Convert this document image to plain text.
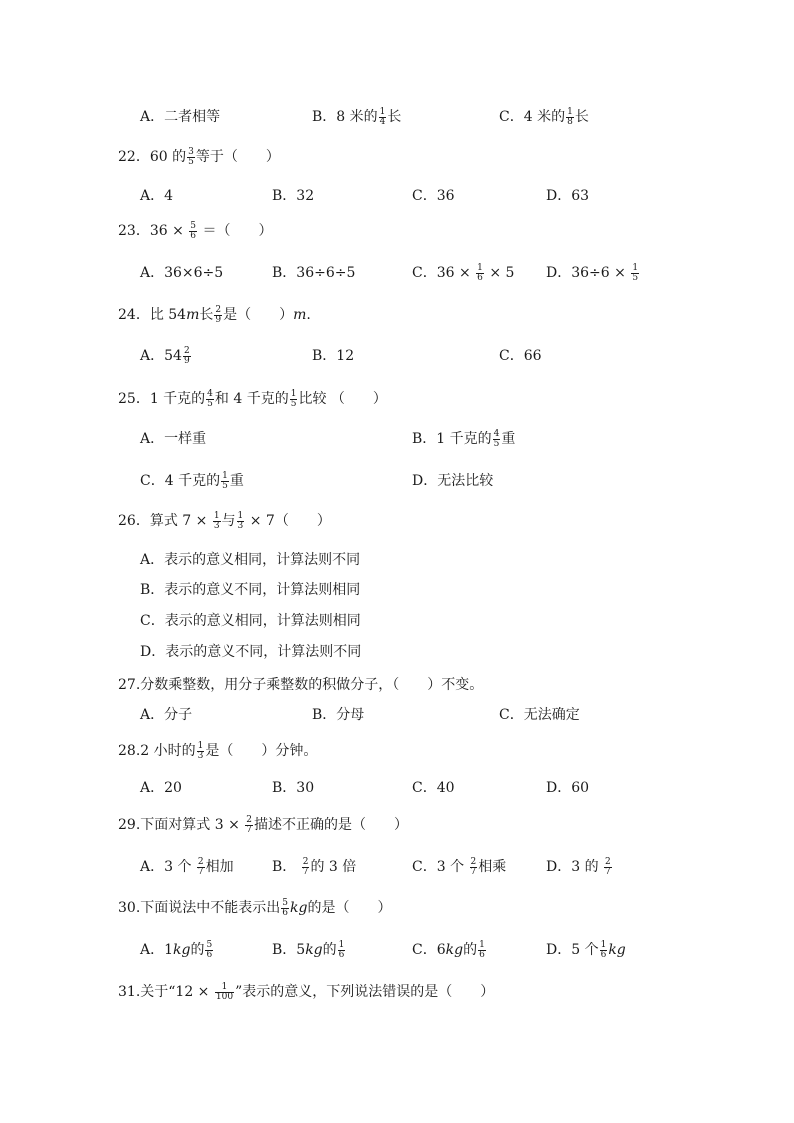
A．二者相等	B．8 米的 $\frac{1}{4}$ 长	C．4 米的 $\frac{1}{8}$ 长
22．60 的 $\frac{3}{5}$ 等于（　　）
A．4	B．32	C．36	D．63
23．$36 \times \frac{5}{6}$ ＝（　　）
A．36×6÷5	B．36÷6÷5	C．$36 \times \frac{1}{6} \times 5$ D．$36\div 6 \times \frac{1}{5}$
24．比 54m长 $\frac{2}{9}$ 是（　　）m.
A．$54 \frac{2}{9}$	B．12	C．66
25．1 千克的 $\frac{4}{5}$ 和 4 千克的 $\frac{1}{5}$ 比较 （　　）
A．一样重	B．1 千克的 $\frac{4}{5}$ 重
C．4 千克的 $\frac{1}{5}$ 重	D．无法比较
26．算式 $7 \times \frac{1}{3}$ 与 $\frac{1}{3} \times 7$（　　）
A．表示的意义相同，计算法则不同
B．表示的意义不同，计算法则相同
C．表示的意义相同，计算法则相同
D．表示的意义不同，计算法则不同
27.分数乘整数，用分子乘整数的积做分子，（　　）不变。
A．分子	B．分母	C．无法确定
28.2 小时的 $\frac{1}{3}$ 是（　　）分钟。
A．20	B．30	C．40	D．60
29.下面对算式 $3 \times \frac{2}{7}$ 描述不正确的是（　　）
A．3 个 $\frac{2}{7}$ 相加	B． $\frac{2}{7}$ 的 3 倍	C．3 个 $\frac{2}{7}$ 相乘	D．3 的 $\frac{2}{7}$
30.下面说法中不能表示出 $\frac{5}{6}$ kg的是（　　）
A．1kg的 $\frac{5}{6}$	B．5kg的 $\frac{1}{6}$	C．6kg的 $\frac{1}{6}$	D．5 个 $\frac{1}{6}$ kg
31.关于“$12 \times \frac{1}{100}$ ”表示的意义，下列说法错误的是（　　）
